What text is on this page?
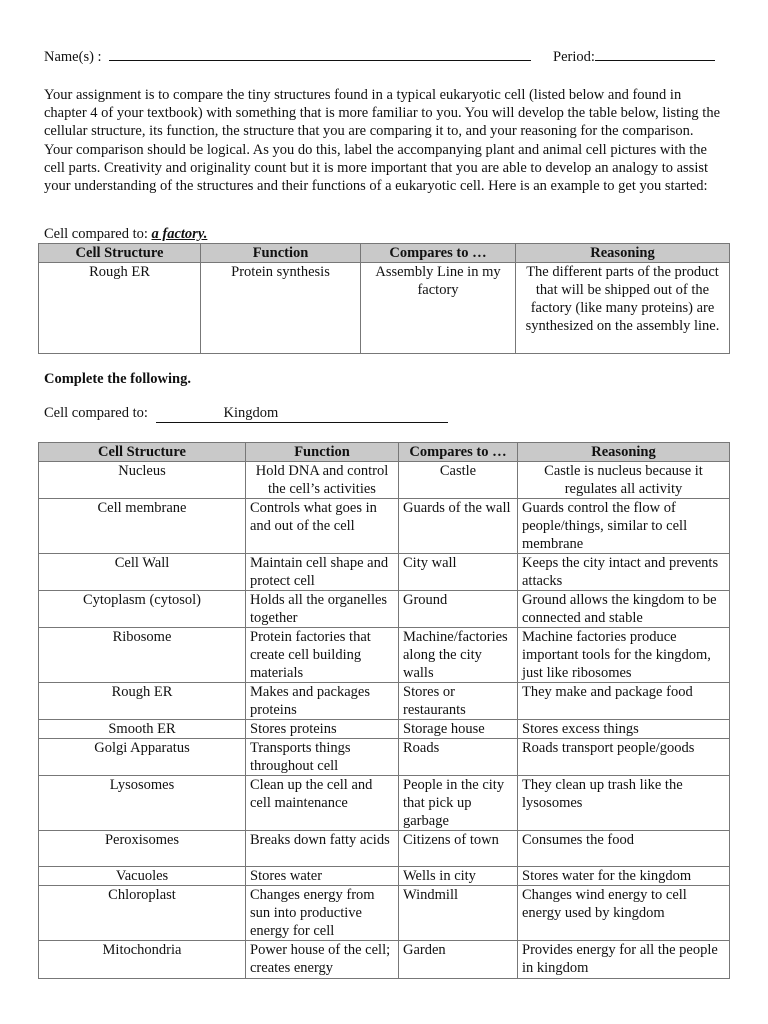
Name(s) :	Period:

Your assignment is to compare the tiny structures found in a typical eukaryotic cell (listed below and found in chapter 4 of your textbook) with something that is more familiar to you. You will develop the table below, listing the cellular structure, its function, the structure that you are comparing it to, and your reasoning for the comparison. Your comparison should be logical. As you do this, label the accompanying plant and animal cell pictures with the cell parts. Creativity and originality count but it is more important that you are able to develop an analogy to assist your understanding of the structures and their functions of a eukaryotic cell. Here is an example to get you started:

Cell compared to: a factory.
Cell Structure	Function	Compares to …	Reasoning
Rough ER	Protein synthesis	Assembly Line in my factory	The different parts of the product that will be shipped out of the factory (like many proteins) are synthesized on the assembly line.
Complete the following.
Cell compared to:	Kingdom
Cell Structure	Function	Compares to …	Reasoning
Nucleus	Hold DNA and control the cell’s activities	Castle	Castle is nucleus because it regulates all activity
Cell membrane	Controls what goes in and out of the cell	Guards of the wall	Guards control the flow of people/things, similar to cell membrane
Cell Wall	Maintain cell shape and protect cell	City wall	Keeps the city intact and prevents attacks
Cytoplasm (cytosol)	Holds all the organelles together	Ground	Ground allows the kingdom to be connected and stable
Ribosome	Protein factories that create cell building materials	Machine/factories along the city walls	Machine factories produce important tools for the kingdom, just like ribosomes
Rough ER	Makes and packages proteins	Stores or restaurants	They make and package food
Smooth ER	Stores proteins	Storage house	Stores excess things
Golgi Apparatus	Transports things throughout cell	Roads	Roads transport people/goods
Lysosomes	Clean up the cell and cell maintenance	People in the city that pick up garbage	They clean up trash like the lysosomes
Peroxisomes	Breaks down fatty acids	Citizens of town	Consumes the food
Vacuoles	Stores water	Wells in city	Stores water for the kingdom
Chloroplast	Changes energy from sun into productive energy for cell	Windmill	Changes wind energy to cell energy used by kingdom
Mitochondria	Power house of the cell; creates energy	Garden	Provides energy for all the people in kingdom
